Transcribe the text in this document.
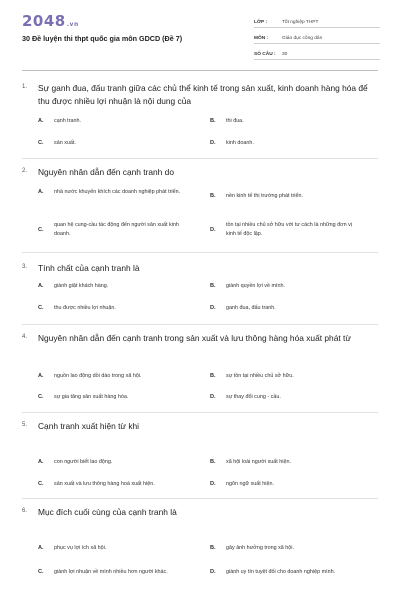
2048.vn
30 Đề luyện thi thpt quốc gia môn GDCD (Đề 7)
LỚP :	Tốt nghiệp THPT
MÔN :	Giáo dục công dân
SỐ CÂU :	30
1.	Sự ganh đua, đấu tranh giữa các chủ thể kinh tế trong sản xuất, kinh doanh hàng hóa để thu được nhiều lợi nhuận là nội dung của
A.	cạnh tranh.	B.	thi đua.
C.	sản xuất.	D.	kinh doanh.
2.	Nguyên nhân dẫn đến cạnh tranh do
A.	nhà nước khuyến khích các doanh nghiệp phát triển.
B.	nền kinh tế thị trường phát triển.
C.
quan hệ cung-cầu tác động đến người sản xuất kinh doanh.
D.
tồn tại nhiều chủ sở hữu với tư cách là những đơn vị kinh tế độc lập.
3.	Tính chất của cạnh tranh là
A.	giành giật khách hàng.	B.	giành quyền lợi về mình.
C.	thu được nhiều lợi nhuận.	D.	ganh đua, đấu tranh.
4.	Nguyên nhân dẫn đến cạnh tranh trong sản xuất và lưu thông hàng hóa xuất phát từ
A.	nguồn lao động dồi dào trong xã hội.	B.	sự tồn tại nhiều chủ sở hữu.
C.	sự gia tăng sản xuất hàng hóa.	D.	sự thay đổi cung - cầu.
5.	Cạnh tranh xuất hiện từ khi
A.	con người biết lao động.	B.	xã hội loài người xuất hiện.
C.	sản xuất và lưu thông hàng hoá xuất hiện.	D.	ngôn ngữ xuất hiện.
6.	Mục đích cuối cùng của cạnh tranh là
A.	phục vụ lợi ích xã hội.	B.	gây ảnh hưởng trong xã hội.
C.	giành lợi nhuận về mình nhiều hơn người khác.	D.	giành uy tín tuyệt đối cho doanh nghiệp mình.
